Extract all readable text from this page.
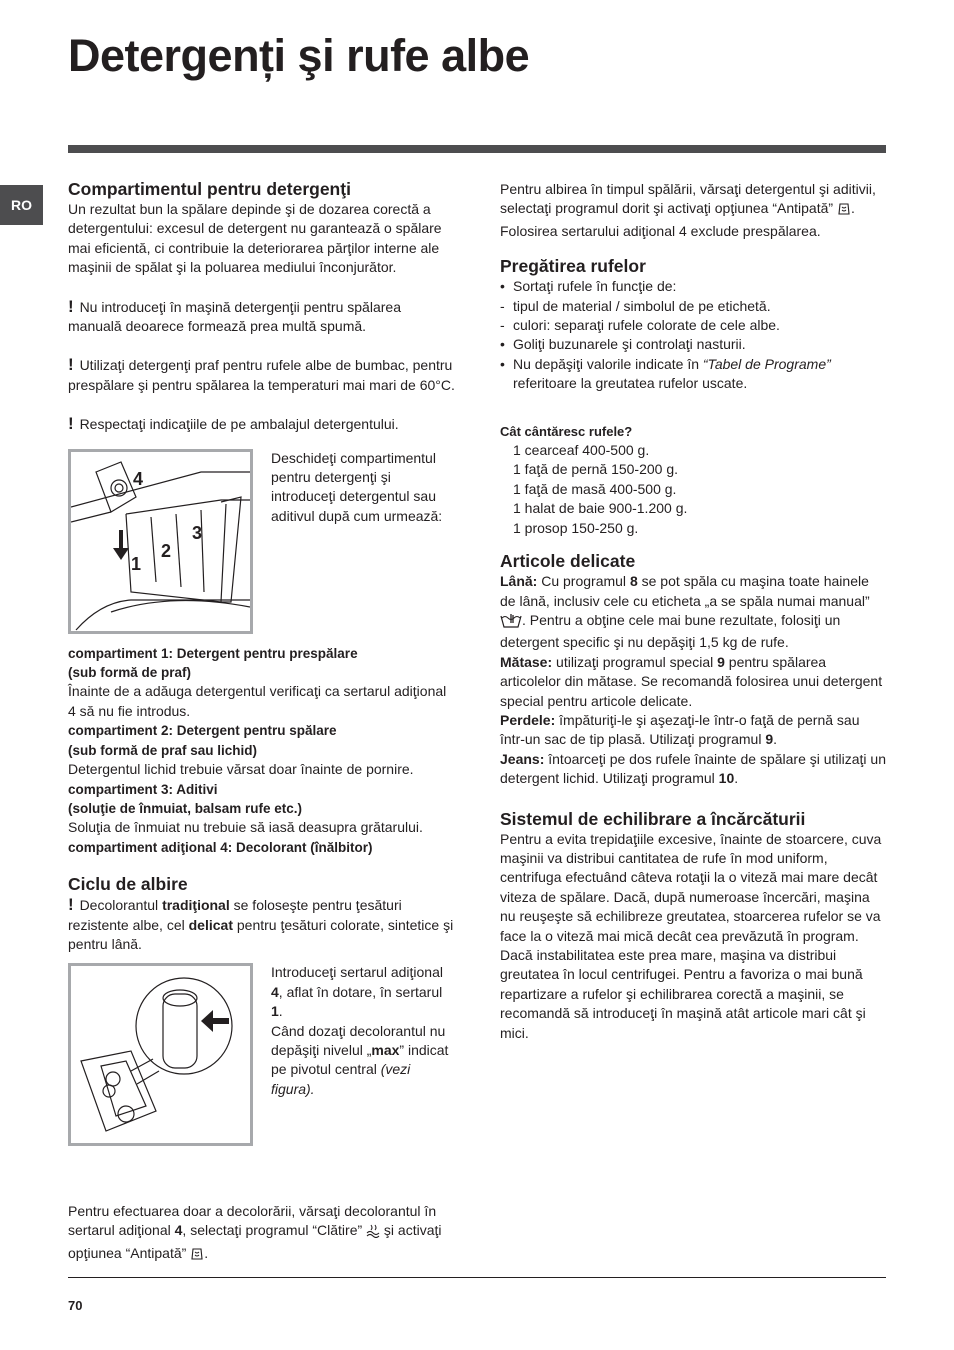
Detergenți şi rufe albe
RO
Compartimentul pentru detergenţi

Un rezultat bun la spălare depinde şi de dozarea corectă a detergentului: excesul de detergent nu garantează o spălare mai eficientă, ci contribuie la deteriorarea părţilor interne ale maşinii de spălat şi la poluarea mediului înconjurător.

! Nu introduceţi în maşină detergenţii pentru spălarea manuală deoarece formează prea multă spumă.

! Utilizaţi detergenţi praf pentru rufele albe de bumbac, pentru prespălare şi pentru spălarea la temperaturi mai mari de 60°C.

! Respectaţi indicaţiile de pe ambalajul detergentului.

4
1
2
3

Deschideţi compartimentul pentru detergenţi şi introduceţi detergentul sau aditivul după cum urmează:

compartiment 1: Detergent pentru prespălare

(sub formă de praf)

Înainte de a adăuga detergentul verificaţi ca sertarul adiţional 4 să nu fie introdus.

compartiment 2: Detergent pentru spălare

(sub formă de praf sau lichid)

Detergentul lichid trebuie vărsat doar înainte de pornire.

compartiment 3: Aditivi

(soluţie de înmuiat, balsam rufe etc.)

Soluţia de înmuiat nu trebuie să iasă deasupra grătarului.

compartiment adiţional 4: Decolorant (înălbitor)

Ciclu de albire

! Decolorantul tradiţional se foloseşte pentru ţesături rezistente albe, cel delicat pentru ţesături colorate, sintetice şi pentru lână.

Introduceţi sertarul adiţional 4, aflat în dotare, în sertarul 1.
Când dozaţi decolorantul nu depăşiţi nivelul „max” indicat pe pivotul central (vezi figura).

Pentru efectuarea doar a decolorării, vărsaţi decolorantul în sertarul adiţional 4, selectaţi programul “Clătire”  şi activaţi opţiunea “Antipată” .

Pentru albirea în timpul spălării, vărsaţi detergentul şi aditivii, selectaţi programul dorit şi activaţi opţiunea “Antipată” .

Folosirea sertarului adiţional 4 exclude prespălarea.

Pregătirea rufelor
• Sortaţi rufele în funcţie de:
- tipul de material / simbolul de pe etichetă.
- culori: separaţi rufele colorate de cele albe.
• Goliţi buzunarele şi controlaţi nasturii.
• Nu depăşiţi valorile indicate în “Tabel de Programe” referitoare la greutatea rufelor uscate.

Cât cântăresc rufele?

1 cearceaf 400-500 g.

1 faţă de pernă 150-200 g.

1 faţă de masă 400-500 g.

1 halat de baie 900-1.200 g.

1 prosop 150-250 g.

Articole delicate

Lână: Cu programul 8 se pot spăla cu maşina toate hainele de lână, inclusiv cele cu eticheta „a se spăla numai manual” . Pentru a obţine cele mai bune rezultate, folosiţi un detergent specific şi nu depăşiţi 1,5 kg de rufe.

Mătase: utilizaţi programul special 9 pentru spălarea articolelor din mătase. Se recomandă folosirea unui detergent special pentru articole delicate.

Perdele: împăturiţi-le şi aşezaţi-le într-o faţă de pernă sau într-un sac de tip plasă. Utilizaţi programul 9.

Jeans: întoarceţi pe dos rufele înainte de spălare şi utilizaţi un detergent lichid. Utilizaţi programul 10.

Sistemul de echilibrare a încărcăturii

Pentru a evita trepidaţiile excesive, înainte de stoarcere, cuva maşinii va distribui cantitatea de rufe în mod uniform, centrifuga efectuând câteva rotaţii la o viteză mai mare decât viteza de spălare. Dacă, după numeroase încercări, maşina nu reuşeşte să echilibreze greutatea, stoarcerea rufelor se va face la o viteză mai mică decât cea prevăzută în program. Dacă instabilitatea este prea mare, maşina va distribui greutatea în locul centrifugei. Pentru a favoriza o mai bună repartizare a rufelor şi echilibrarea corectă a maşinii, se recomandă să introduceţi în maşină atât articole mari cât şi mici.

70
